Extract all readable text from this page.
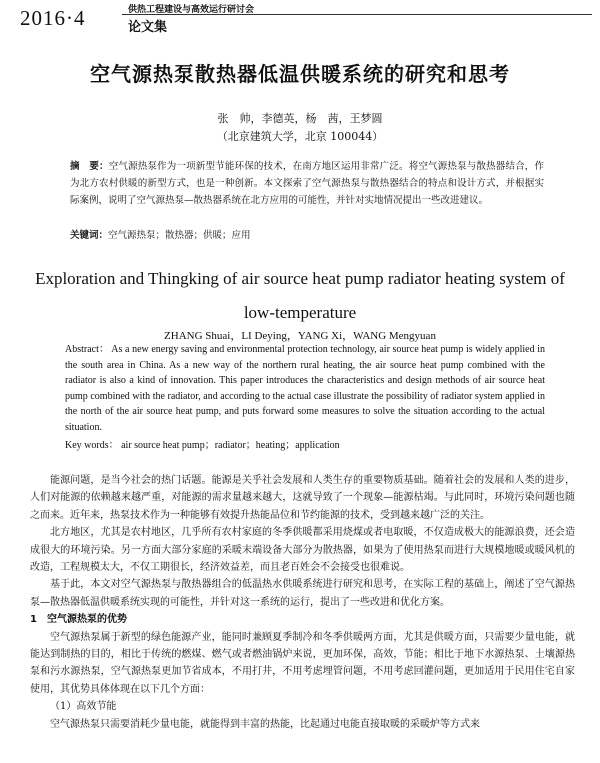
2016·4	供热工程建设与高效运行研讨会
论文集
空气源热泵散热器低温供暖系统的研究和思考
张　帅，李德英，杨　茜，王梦圆
（北京建筑大学，北京 100044）
摘　要：空气源热泵作为一项新型节能环保的技术，在南方地区运用非常广泛。将空气源热泵与散热器结合，作为北方农村供暖的新型方式，也是一种创新。本文探索了空气源热泵与散热器结合的特点和设计方式，并根据实际案例，说明了空气源热泵—散热器系统在北方应用的可能性，并针对实地情况提出一些改进建议。
关键词：空气源热泵；散热器；供暖；应用
Exploration and Thingking of air source heat pump radiator heating system of low-temperature
ZHANG Shuai，LI Deying，YANG Xi，WANG Mengyuan
Abstract： As a new energy saving and environmental protection technology, air source heat pump is widely applied in the south area in China. As a new way of the northern rural heating, the air source heat pump combined with the radiator is also a kind of innovation. This paper introduces the characteristics and design methods of air source heat pump combined with the radiator, and according to the actual case illustrate the possibility of radiator system applied in the north of the air source heat pump, and puts forward some measures to solve the situation according to the actual situation.
Key words： air source heat pump；radiator；heating；application

能源问题，是当今社会的热门话题。能源是关乎社会发展和人类生存的重要物质基础。随着社会的发展和人类的进步，人们对能源的依赖越来越严重，对能源的需求量越来越大，这就导致了一个现象—能源枯竭。与此同时，环境污染问题也随之而来。近年来，热泵技术作为一种能够有效提升热能品位和节约能源的技术，受到越来越广泛的关注。

北方地区，尤其是农村地区，几乎所有农村家庭的冬季供暖都采用烧煤或者电取暖，不仅造成极大的能源浪费，还会造成很大的环境污染。另一方面大部分家庭的采暖末端设备大部分为散热器，如果为了使用热泵而进行大规模地暖或暖风机的改造，工程规模太大，不仅工期很长，经济效益差，而且老百姓会不会接受也很难说。

基于此，本文对空气源热泵与散热器组合的低温热水供暖系统进行研究和思考，在实际工程的基础上，阐述了空气源热泵—散热器低温供暖系统实现的可能性，并针对这一系统的运行，提出了一些改进和优化方案。

1　空气源热泵的优势

空气源热泵属于新型的绿色能源产业，能同时兼顾夏季制冷和冬季供暖两方面，尤其是供暖方面，只需要少量电能，就能达到制热的目的，相比于传统的燃煤、燃气或者燃油锅炉来说，更加环保，高效，节能；相比于地下水源热泵、土壤源热泵和污水源热泵，空气源热泵更加节省成本，不用打井，不用考虑埋管问题，不用考虑回灌问题，更加适用于民用住宅自家使用，其优势具体体现在以下几个方面：

（1）高效节能

空气源热泵只需要消耗少量电能，就能得到丰富的热能，比起通过电能直接取暖的采暖炉等方式来
